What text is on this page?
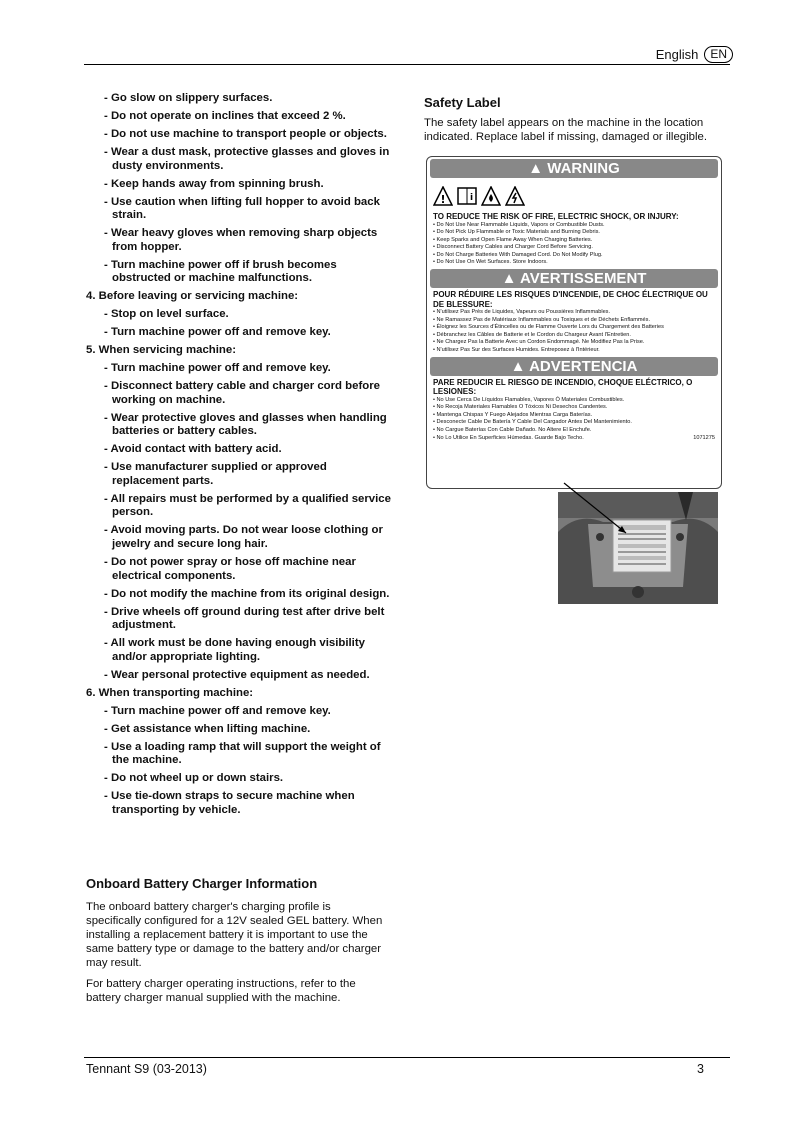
English	EN
- Go slow on slippery surfaces.
- Do not operate on inclines that exceed 2 %.
- Do not use machine to transport people or objects.
- Wear a dust mask, protective glasses and gloves in dusty environments.
- Keep hands away from spinning brush.
- Use caution when lifting full hopper to avoid back strain.
- Wear heavy gloves when removing sharp objects from hopper.
- Turn machine power off if brush becomes obstructed or machine malfunctions.
4. Before leaving or servicing machine:
- Stop on level surface.
- Turn machine power off and remove key.
5. When servicing machine:
- Turn machine power off and remove key.
- Disconnect battery cable and charger cord before working on machine.
- Wear protective gloves and glasses when handling batteries or battery cables.
- Avoid contact with battery acid.
- Use manufacturer supplied or approved replacement parts.
- All repairs must be performed by a qualified service person.
- Avoid moving parts. Do not wear loose clothing or jewelry and secure long hair.
- Do not power spray or hose off machine near electrical components.
- Do not modify the machine from its original design.
- Drive wheels off ground during test after drive belt adjustment.
- All work must be done having enough visibility and/or appropriate lighting.
- Wear personal protective equipment as needed.
6. When transporting machine:
- Turn machine power off and remove key.
- Get assistance when lifting machine.
- Use a loading ramp that will support the weight of the machine.
- Do not wheel up or down stairs.
- Use tie-down straps to secure machine when transporting by vehicle.
Onboard Battery Charger Information
The onboard battery charger's charging profile is specifically configured for a 12V sealed GEL battery. When installing a replacement battery it is important to use the same battery type or damage to the battery and/or charger may result.
For battery charger operating instructions, refer to the battery charger manual supplied with the machine.
Safety Label
The safety label appears on the machine in the location indicated. Replace label if missing, damaged or illegible.
▲ WARNING
!	i
TO REDUCE THE RISK OF FIRE, ELECTRIC SHOCK, OR INJURY:
• Do Not Use Near Flammable Liquids, Vapors or Combustible Dusts.
• Do Not Pick Up Flammable or Toxic Materials and Burning Debris.
• Keep Sparks and Open Flame Away When Charging Batteries.
• Disconnect Battery Cables and Charger Cord Before Servicing.
• Do Not Charge Batteries With Damaged Cord. Do Not Modify Plug.
• Do Not Use On Wet Surfaces. Store Indoors.
▲ AVERTISSEMENT
POUR RÉDUIRE LES RISQUES D'INCENDIE, DE CHOC ÉLECTRIQUE OU DE BLESSURE:
• N'utilisez Pas Près de Liquides, Vapeurs ou Poussières Inflammables.
• Ne Ramassez Pas de Matériaux Inflammables ou Toxiques et de Déchets Enflammés.
• Éloignez les Sources d'Étincelles ou de Flamme Ouverte Lors du Chargement des Batteries
• Débranchez les Câbles de Batterie et le Cordon du Chargeur Avant l'Entretien.
• Ne Chargez Pas la Batterie Avec un Cordon Endommagé. Ne Modifiez Pas la Prise.
• N'utilisez Pas Sur des Surfaces Humides. Entreposez à l'Intérieur.
▲ ADVERTENCIA
PARE REDUCIR EL RIESGO DE INCENDIO, CHOQUE ELÉCTRICO, O LESIONES:
• No Use Cerca De Líquidos Flamables, Vapores Ó Materiales Combustibles.
• No Recoja Materiales Flamables O Tóxicos Ni Desechos Candentes.
• Mantenga Chispas Y Fuego Alejados Mientras Carga Baterías.
• Desconecte Cable De Batería Y Cable Del Cargador Antes Del Mantenimiento.
• No Cargue Baterías Con Cable Dañado. No Altere El Enchufe.
• No Lo Utilice En Superficies Húmedas. Guarde Bajo Techo.	1071275
Tennant S9 (03-2013)	3
